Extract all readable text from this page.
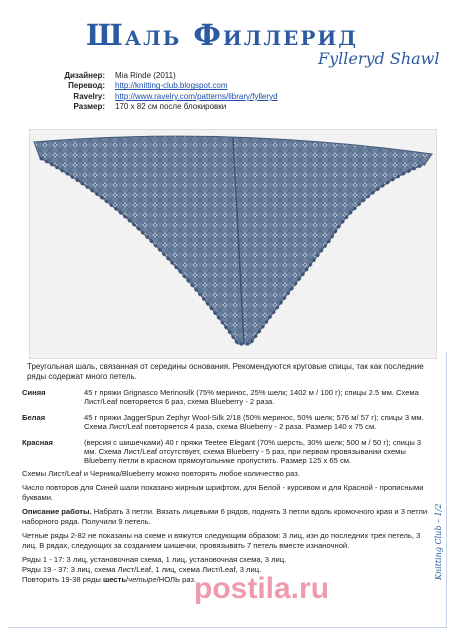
Шаль Филлерид
Fylleryd Shawl
Дизайнер:	Mia Rinde (2011)
Перевод:	http://knitting-club.blogspot.com
Ravelry:	http://www.ravelry.com/patterns/library/fylleryd
Размер:	170 x 82 см после блокировки
Треугольная шаль, связанная от середины основания. Рекомендуются круговые спицы, так как последние ряды содержат много петель.
Синяя	45 г пряжи Grignasco Merinosilk (75% меринос, 25% шелк; 1402 м / 100 г); спицы 2.5 мм. Схема Лист/Leaf повторяется 6 раз, схема Blueberry - 2 раза.
Белая	45 г пряжи JaggerSpun Zephyr Wool-Silk 2/18 (50% меринос, 50% шелк; 576 м/ 57 г); спицы 3 мм. Схема Лист/Leaf повторяется 4 раза, схема Blueberry - 2 раза. Размер 140 х 75 см.
Красная	(версия с шишечками) 40 г пряжи Teetee Elegant (70% шерсть, 30% шелк; 500 м / 50 г); спицы 3 мм. Схема Лист/Leaf отсутствует, схема Blueberry - 5 раз, при первом провязывании схемы Blueberry петли в красном прямоугольнике пропустить. Размер 125 х 65 см.

Схемы Лист/Leaf и Черника/Blueberry можно повторять любое количество раз.

Число повторов для Синей шали показано жирным шрифтом, для Белой - курсивом и для Красной - прописными буквами.

Описание работы. Набрать 3 петли. Вязать лицевыми 6 рядов, поднять 3 петли вдоль кромочного края и 3 петли наборного ряда. Получили 9 петель.

Четные ряды 2-82 не показаны на схеме и вяжутся следующим образом: 3 лиц, изн до последних трех петель, 3 лиц. В рядах, следующих за созданием шишечки, провязывать 7 петель вместе изнаночной.

Ряды 1 - 17: 3 лиц, установочная схема, 1 лиц, установочная схема, 3 лиц.
Ряды 19 - 37: 3 лиц, схема Лист/Leaf, 1 лиц, схема Лист/Leaf, 3 лиц.
Повторить 19-38 ряды шесть/четыре/НОЛЬ раз.	Knitting Club – 1/2
postila.ru
